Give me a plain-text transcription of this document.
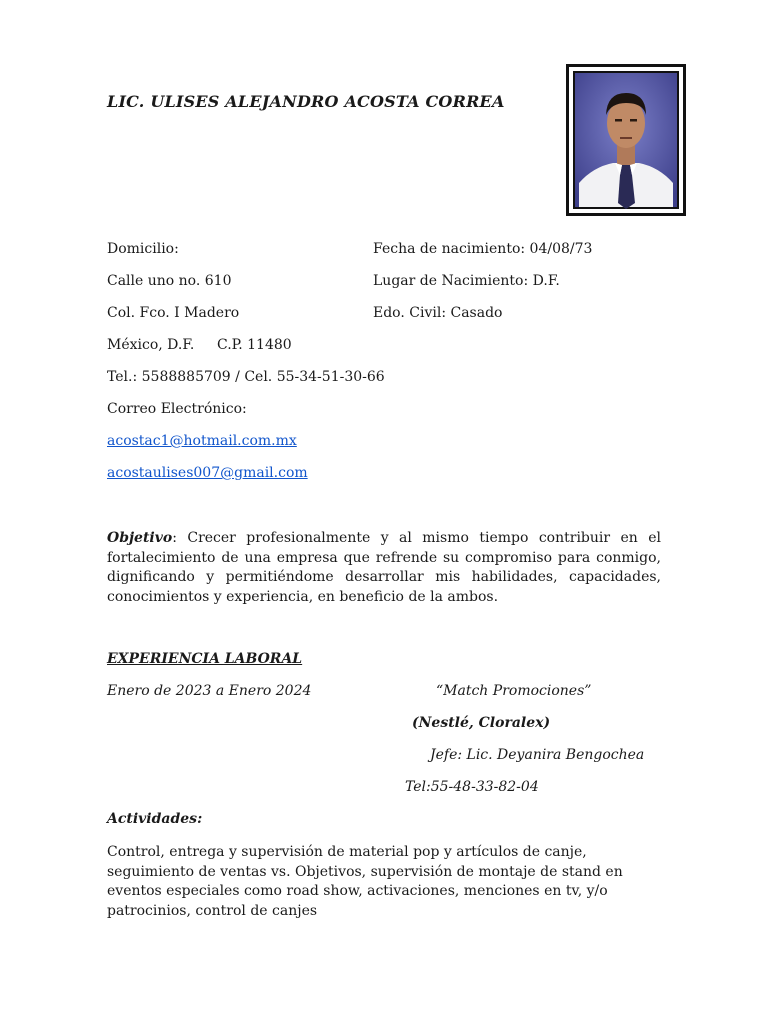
LIC. ULISES ALEJANDRO ACOSTA CORREA
Domicilio:
Calle uno no. 610
Col. Fco. I Madero
México, D.F. C.P. 11480
Tel.: 5588885709 / Cel. 55-34-51-30-66
Correo Electrónico:
acostac1@hotmail.com.mx
acostaulises007@gmail.com
Fecha de nacimiento: 04/08/73
Lugar de Nacimiento: D.F.
Edo. Civil: Casado
Objetivo: Crecer profesionalmente y al mismo tiempo contribuir en el fortalecimiento de una empresa que refrende su compromiso para conmigo, dignificando y permitiéndome desarrollar mis habilidades, capacidades, conocimientos y experiencia, en beneficio de la ambos.
EXPERIENCIA LABORAL
Enero de 2023 a Enero 2024	“Match Promociones”
(Nestlé, Cloralex)
Jefe: Lic. Deyanira Bengochea
Tel:55-48-33-82-04
Actividades:
Control, entrega y supervisión de material pop y artículos de canje, seguimiento de ventas vs. Objetivos, supervisión de montaje de stand en eventos especiales como road show, activaciones, menciones en tv, y/o patrocinios, control de canjes
